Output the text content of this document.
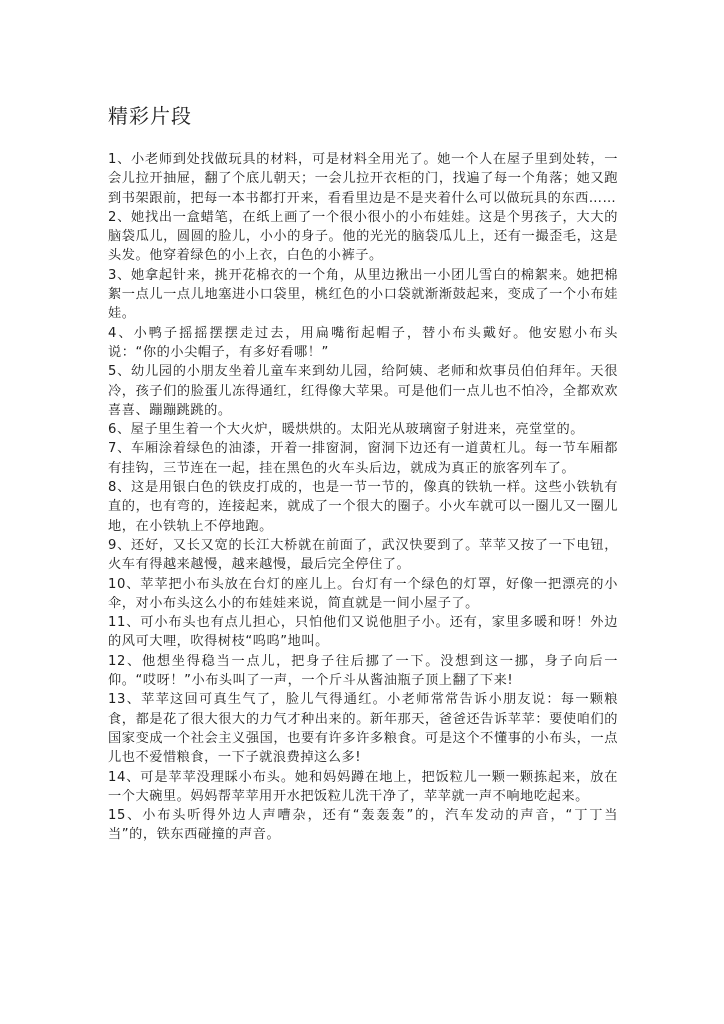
精彩片段

1、小老师到处找做玩具的材料，可是材料全用光了。她一个人在屋子里到处转，一会儿拉开抽屉，翻了个底儿朝天；一会儿拉开衣柜的门，找遍了每一个角落；她又跑到书架跟前，把每一本书都打开来，看看里边是不是夹着什么可以做玩具的东西……

2、她找出一盒蜡笔，在纸上画了一个很小很小的小布娃娃。这是个男孩子，大大的脑袋瓜儿，圆圆的脸儿，小小的身子。他的光光的脑袋瓜儿上，还有一撮歪毛，这是头发。他穿着绿色的小上衣，白色的小裤子。

3、她拿起针来，挑开花棉衣的一个角，从里边揪出一小团儿雪白的棉絮来。她把棉絮一点儿一点儿地塞进小口袋里，桃红色的小口袋就渐渐鼓起来，变成了一个小布娃娃。

4、小鸭子摇摇摆摆走过去，用扁嘴衔起帽子，替小布头戴好。他安慰小布头说：“你的小尖帽子，有多好看哪！”

5、幼儿园的小朋友坐着儿童车来到幼儿园，给阿姨、老师和炊事员伯伯拜年。天很冷，孩子们的脸蛋儿冻得通红，红得像大苹果。可是他们一点儿也不怕冷，全都欢欢喜喜、蹦蹦跳跳的。

6、屋子里生着一个大火炉，暖烘烘的。太阳光从玻璃窗子射进来，亮堂堂的。

7、车厢涂着绿色的油漆，开着一排窗洞，窗洞下边还有一道黄杠儿。每一节车厢都有挂钩，三节连在一起，挂在黑色的火车头后边，就成为真正的旅客列车了。

8、这是用银白色的铁皮打成的，也是一节一节的，像真的铁轨一样。这些小铁轨有直的，也有弯的，连接起来，就成了一个很大的圈子。小火车就可以一圈儿又一圈儿地，在小铁轨上不停地跑。

9、还好，又长又宽的长江大桥就在前面了，武汉快要到了。苹苹又按了一下电钮，火车有得越来越慢，越来越慢，最后完全停住了。

10、苹苹把小布头放在台灯的座儿上。台灯有一个绿色的灯罩，好像一把漂亮的小伞，对小布头这么小的布娃娃来说，简直就是一间小屋子了。

11、可小布头也有点儿担心，只怕他们又说他胆子小。还有，家里多暖和呀！外边的风可大哩，吹得树枝“呜呜”地叫。

12、他想坐得稳当一点儿，把身子往后挪了一下。没想到这一挪，身子向后一仰。“哎呀！”小布头叫了一声，一个斤斗从酱油瓶子顶上翻了下来!

13、苹苹这回可真生气了，脸儿气得通红。小老师常常告诉小朋友说：每一颗粮食，都是花了很大很大的力气才种出来的。新年那天，爸爸还告诉苹苹：要使咱们的国家变成一个社会主义强国，也要有许多许多粮食。可是这个不懂事的小布头，一点儿也不爱惜粮食，一下子就浪费掉这么多!

14、可是苹苹没理睬小布头。她和妈妈蹲在地上，把饭粒儿一颗一颗拣起来，放在一个大碗里。妈妈帮苹苹用开水把饭粒儿洗干净了，苹苹就一声不响地吃起来。

15、小布头听得外边人声嘈杂，还有“轰轰轰”的，汽车发动的声音，“丁丁当当”的，铁东西碰撞的声音。
